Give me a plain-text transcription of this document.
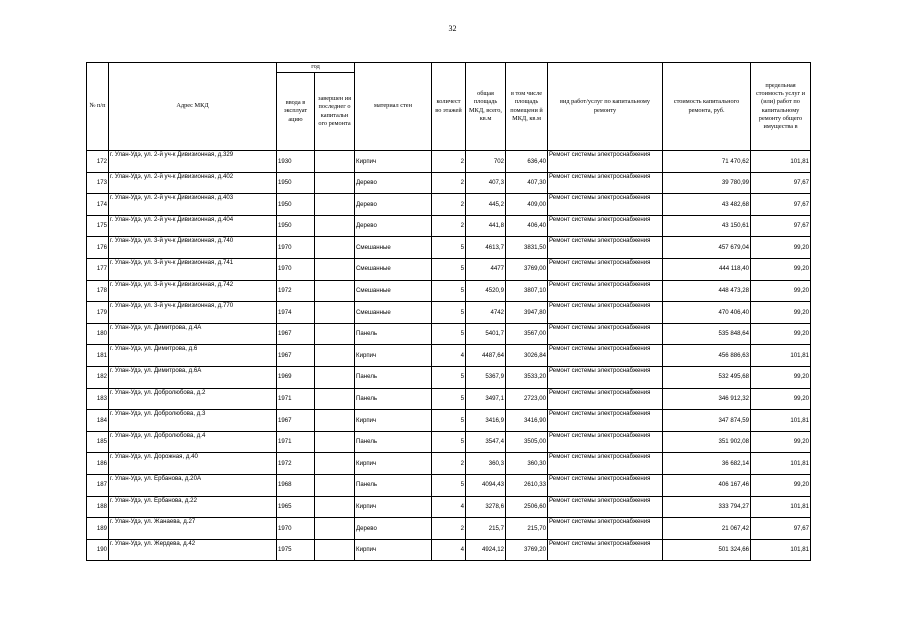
32
№ п/п	Адрес МКД	год		материал стен	количест во этажей	общая площадь МКД, всего, кв.м	в том числе площадь помещени й МКД, кв.м	вид работ/услуг по капитальному ремонту	стоимость капитального ремонта, руб.	предельная стоимость услуг и (или) работ по капитальному ремонту общего имущества в
		ввода в эксплуат ацию	завершен ия последнег о капитальн ого ремонта							
172	г. Улан-Удэ, ул. 2-й уч-к Дивизионная, д.329	1930		Кирпич	2	702	636,40	Ремонт системы электроснабжения	71 470,62	101,81
173	г. Улан-Удэ, ул. 2-й уч-к Дивизионная, д.402	1950		Дерево	2	407,3	407,30	Ремонт системы электроснабжения	39 780,99	97,67
174	г. Улан-Удэ, ул. 2-й уч-к Дивизионная, д.403	1950		Дерево	2	445,2	409,00	Ремонт системы электроснабжения	43 482,68	97,67
175	г. Улан-Удэ, ул. 2-й уч-к Дивизионная, д.404	1950		Дерево	2	441,8	406,40	Ремонт системы электроснабжения	43 150,61	97,67
176	г. Улан-Удэ, ул. 3-й уч-к Дивизионная, д.740	1970		Смешанные	5	4613,7	3831,50	Ремонт системы электроснабжения	457 679,04	99,20
177	г. Улан-Удэ, ул. 3-й уч-к Дивизионная, д.741	1970		Смешанные	5	4477	3769,00	Ремонт системы электроснабжения	444 118,40	99,20
178	г. Улан-Удэ, ул. 3-й уч-к Дивизионная, д.742	1972		Смешанные	5	4520,9	3807,10	Ремонт системы электроснабжения	448 473,28	99,20
179	г. Улан-Удэ, ул. 3-й уч-к Дивизионная, д.770	1974		Смешанные	5	4742	3947,80	Ремонт системы электроснабжения	470 406,40	99,20
180	г. Улан-Удэ, ул. Димитрова, д.4А	1967		Панель	5	5401,7	3567,00	Ремонт системы электроснабжения	535 848,64	99,20
181	г. Улан-Удэ, ул. Димитрова, д.6	1967		Кирпич	4	4487,64	3026,84	Ремонт системы электроснабжения	456 886,63	101,81
182	г. Улан-Удэ, ул. Димитрова, д.6А	1969		Панель	5	5367,9	3533,20	Ремонт системы электроснабжения	532 495,68	99,20
183	г. Улан-Удэ, ул. Добролюбова, д.2	1971		Панель	5	3497,1	2723,00	Ремонт системы электроснабжения	346 912,32	99,20
184	г. Улан-Удэ, ул. Добролюбова, д.3	1967		Кирпич	5	3416,9	3416,90	Ремонт системы электроснабжения	347 874,59	101,81
185	г. Улан-Удэ, ул. Добролюбова, д.4	1971		Панель	5	3547,4	3505,00	Ремонт системы электроснабжения	351 902,08	99,20
186	г. Улан-Удэ, ул. Дорожная, д.40	1972		Кирпич	2	360,3	360,30	Ремонт системы электроснабжения	36 682,14	101,81
187	г. Улан-Удэ, ул. Ербанова, д.20А	1968		Панель	5	4094,43	2610,33	Ремонт системы электроснабжения	406 167,46	99,20
188	г. Улан-Удэ, ул. Ербанова, д.22	1965		Кирпич	4	3278,6	2506,60	Ремонт системы электроснабжения	333 794,27	101,81
189	г. Улан-Удэ, ул. Жанаева, д.27	1970		Дерево	2	215,7	215,70	Ремонт системы электроснабжения	21 067,42	97,67
190	г. Улан-Удэ, ул. Жердева, д.42	1975		Кирпич	4	4924,12	3769,20	Ремонт системы электроснабжения	501 324,66	101,81
